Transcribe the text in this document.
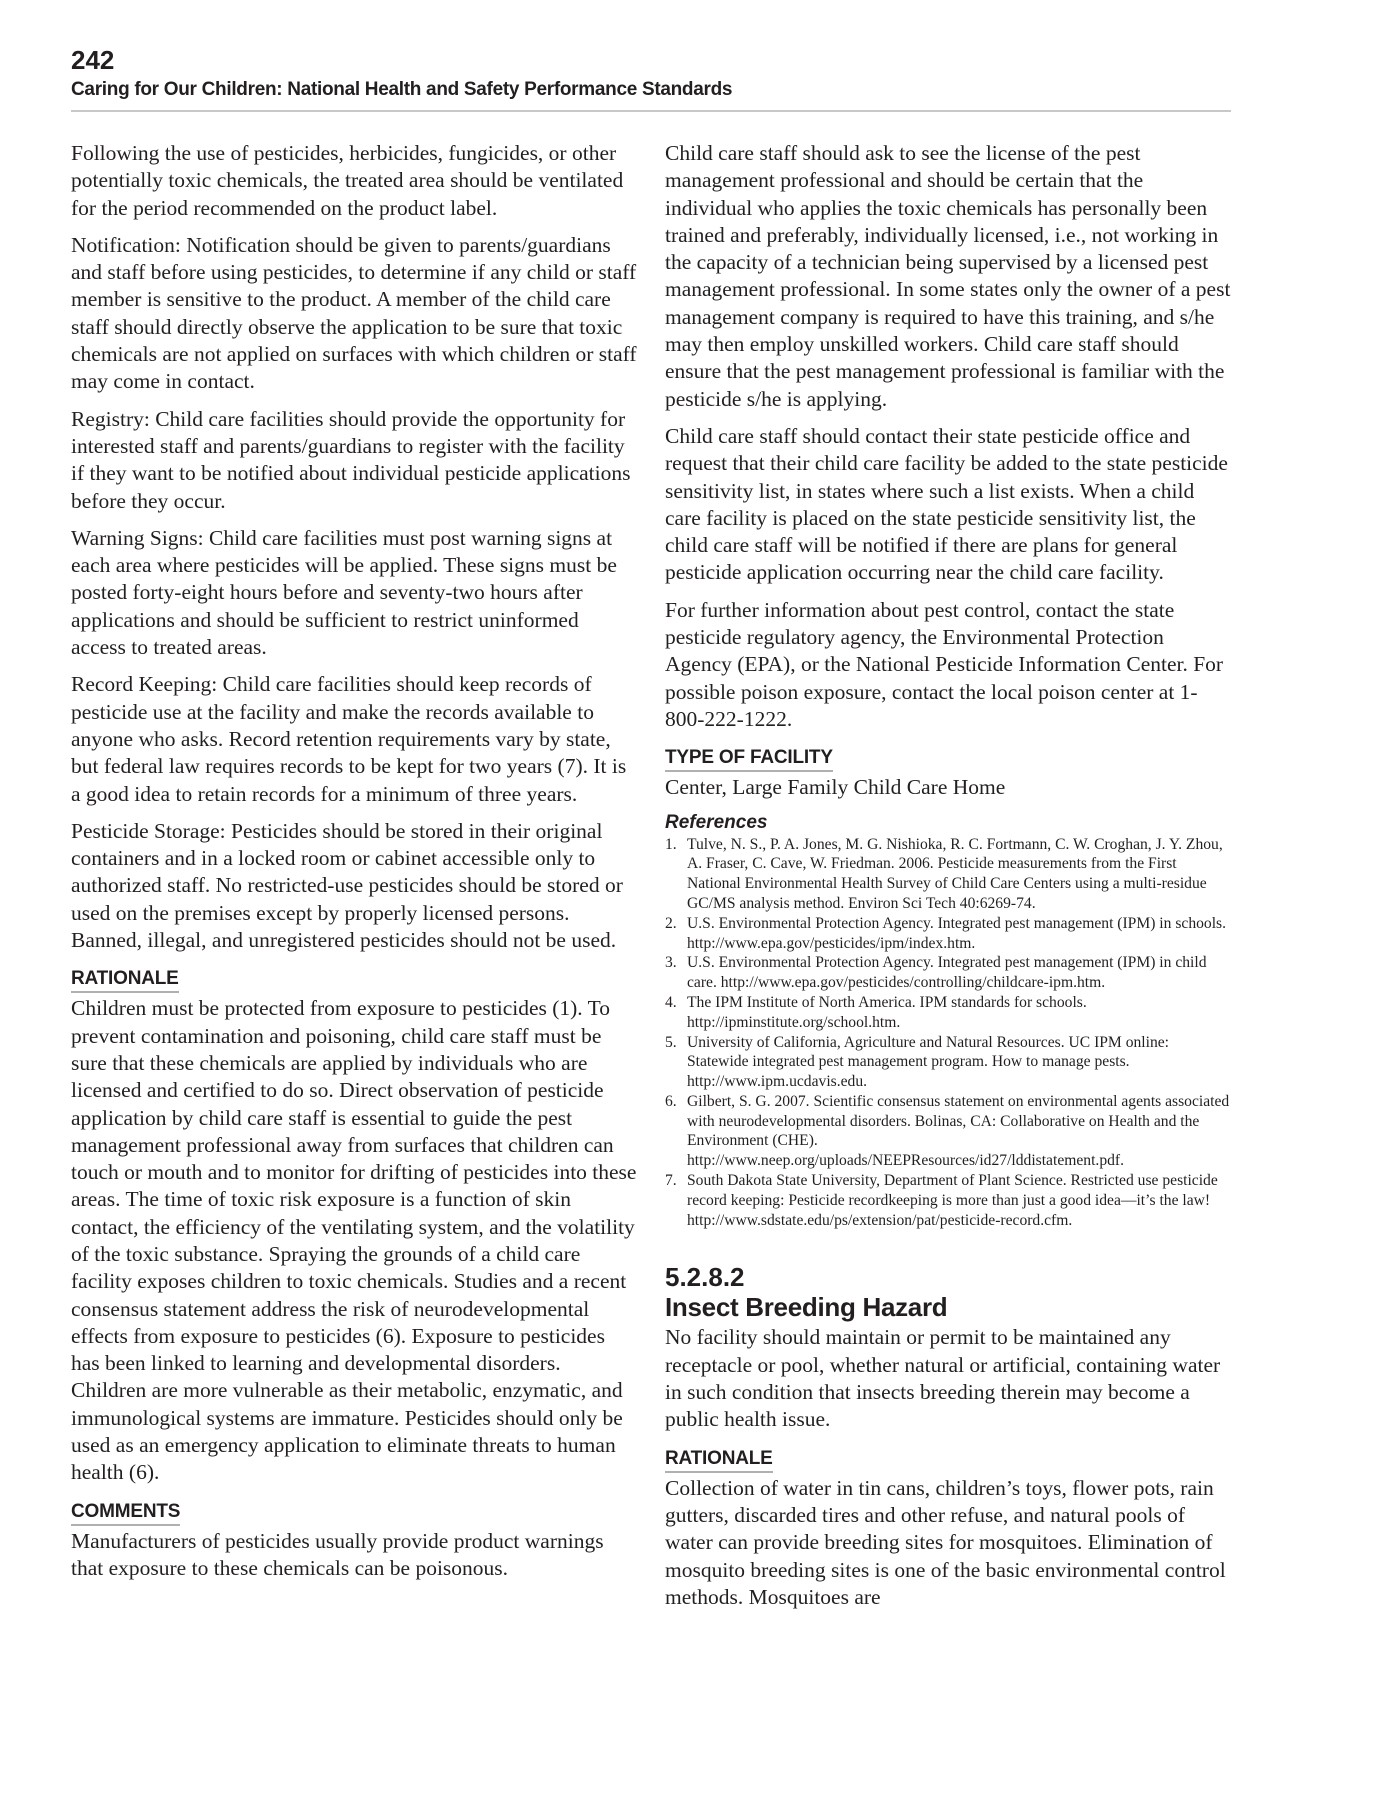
242
Caring for Our Children: National Health and Safety Performance Standards

Following the use of pesticides, herbicides, fungicides, or other potentially toxic chemicals, the treated area should be ventilated for the period recommended on the product label.

Notification: Notification should be given to parents/guardians and staff before using pesticides, to determine if any child or staff member is sensitive to the product. A member of the child care staff should directly observe the application to be sure that toxic chemicals are not applied on surfaces with which children or staff may come in contact.

Registry: Child care facilities should provide the opportunity for interested staff and parents/guardians to register with the facility if they want to be notified about individual pesticide applications before they occur.

Warning Signs: Child care facilities must post warning signs at each area where pesticides will be applied. These signs must be posted forty-eight hours before and seventy-two hours after applications and should be sufficient to restrict uninformed access to treated areas.

Record Keeping: Child care facilities should keep records of pesticide use at the facility and make the records available to anyone who asks. Record retention requirements vary by state, but federal law requires records to be kept for two years (7). It is a good idea to retain records for a minimum of three years.

Pesticide Storage: Pesticides should be stored in their original containers and in a locked room or cabinet accessible only to authorized staff. No restricted-use pesticides should be stored or used on the premises except by properly licensed persons. Banned, illegal, and unregistered pesticides should not be used.

RATIONALE

Children must be protected from exposure to pesticides (1). To prevent contamination and poisoning, child care staff must be sure that these chemicals are applied by individuals who are licensed and certified to do so. Direct observation of pesticide application by child care staff is essential to guide the pest management professional away from surfaces that children can touch or mouth and to monitor for drifting of pesticides into these areas. The time of toxic risk exposure is a function of skin contact, the efficiency of the ventilating system, and the volatility of the toxic substance. Spraying the grounds of a child care facility exposes children to toxic chemicals. Studies and a recent consensus statement address the risk of neurodevelopmental effects from exposure to pesticides (6). Exposure to pesticides has been linked to learning and developmental disorders. Children are more vulnerable as their metabolic, enzymatic, and immunological systems are immature. Pesticides should only be used as an emergency application to eliminate threats to human health (6).

COMMENTS

Manufacturers of pesticides usually provide product warnings that exposure to these chemicals can be poisonous.

Child care staff should ask to see the license of the pest management professional and should be certain that the individual who applies the toxic chemicals has personally been trained and preferably, individually licensed, i.e., not working in the capacity of a technician being supervised by a licensed pest management professional. In some states only the owner of a pest management company is required to have this training, and s/he may then employ unskilled workers. Child care staff should ensure that the pest management professional is familiar with the pesticide s/he is applying.

Child care staff should contact their state pesticide office and request that their child care facility be added to the state pesticide sensitivity list, in states where such a list exists. When a child care facility is placed on the state pesticide sensitivity list, the child care staff will be notified if there are plans for general pesticide application occurring near the child care facility.

For further information about pest control, contact the state pesticide regulatory agency, the Environmental Protection Agency (EPA), or the National Pesticide Information Center. For possible poison exposure, contact the local poison center at 1-800-222-1222.

TYPE OF FACILITY

Center, Large Family Child Care Home

References
1. Tulve, N. S., P. A. Jones, M. G. Nishioka, R. C. Fortmann, C. W. Croghan, J. Y. Zhou, A. Fraser, C. Cave, W. Friedman. 2006. Pesticide measurements from the First National Environmental Health Survey of Child Care Centers using a multi-residue GC/MS analysis method. Environ Sci Tech 40:6269-74.
2. U.S. Environmental Protection Agency. Integrated pest management (IPM) in schools. http://www.epa.gov/pesticides/ipm/index.htm.
3. U.S. Environmental Protection Agency. Integrated pest management (IPM) in child care. http://www.epa.gov/pesticides/controlling/childcare-ipm.htm.
4. The IPM Institute of North America. IPM standards for schools. http://ipminstitute.org/school.htm.
5. University of California, Agriculture and Natural Resources. UC IPM online: Statewide integrated pest management program. How to manage pests. http://www.ipm.ucdavis.edu.
6. Gilbert, S. G. 2007. Scientific consensus statement on environmental agents associated with neurodevelopmental disorders. Bolinas, CA: Collaborative on Health and the Environment (CHE). http://www.neep.org/uploads/NEEPResources/id27/lddistatement.pdf.
7. South Dakota State University, Department of Plant Science. Restricted use pesticide record keeping: Pesticide recordkeeping is more than just a good idea—it’s the law! http://www.sdstate.edu/ps/extension/pat/pesticide-record.cfm.
5.2.8.2
Insect Breeding Hazard

No facility should maintain or permit to be maintained any receptacle or pool, whether natural or artificial, containing water in such condition that insects breeding therein may become a public health issue.

RATIONALE

Collection of water in tin cans, children’s toys, flower pots, rain gutters, discarded tires and other refuse, and natural pools of water can provide breeding sites for mosquitoes. Elimination of mosquito breeding sites is one of the basic environmental control methods. Mosquitoes are
